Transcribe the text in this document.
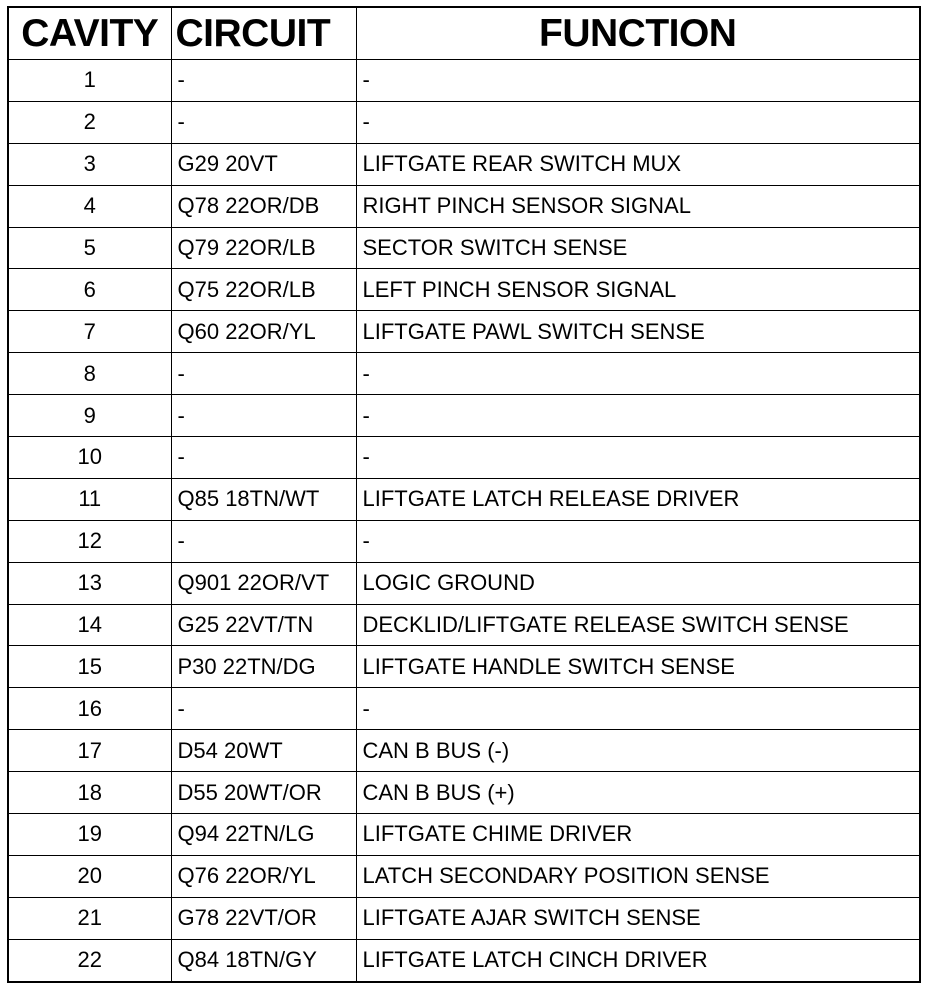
CAVITY	CIRCUIT	FUNCTION
1	-	-
2	-	-
3	G29 20VT	LIFTGATE REAR SWITCH MUX
4	Q78 22OR/DB	RIGHT PINCH SENSOR SIGNAL
5	Q79 22OR/LB	SECTOR SWITCH SENSE
6	Q75 22OR/LB	LEFT PINCH SENSOR SIGNAL
7	Q60 22OR/YL	LIFTGATE PAWL SWITCH SENSE
8	-	-
9	-	-
10	-	-
11	Q85 18TN/WT	LIFTGATE LATCH RELEASE DRIVER
12	-	-
13	Q901 22OR/VT	LOGIC GROUND
14	G25 22VT/TN	DECKLID/LIFTGATE RELEASE SWITCH SENSE
15	P30 22TN/DG	LIFTGATE HANDLE SWITCH SENSE
16	-	-
17	D54 20WT	CAN B BUS (-)
18	D55 20WT/OR	CAN B BUS (+)
19	Q94 22TN/LG	LIFTGATE CHIME DRIVER
20	Q76 22OR/YL	LATCH SECONDARY POSITION SENSE
21	G78 22VT/OR	LIFTGATE AJAR SWITCH SENSE
22	Q84 18TN/GY	LIFTGATE LATCH CINCH DRIVER
